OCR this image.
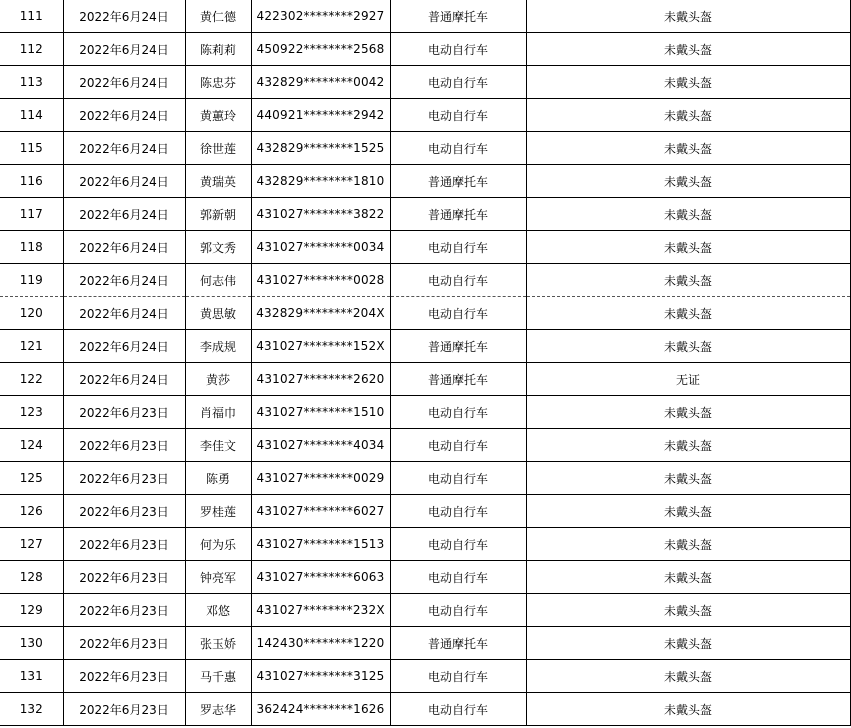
111	2022年6月24日	黄仁德	422302********2927	普通摩托车	未戴头盔
112	2022年6月24日	陈莉莉	450922********2568	电动自行车	未戴头盔
113	2022年6月24日	陈忠芬	432829********0042	电动自行车	未戴头盔
114	2022年6月24日	黄蕙玲	440921********2942	电动自行车	未戴头盔
115	2022年6月24日	徐世莲	432829********1525	电动自行车	未戴头盔
116	2022年6月24日	黄瑞英	432829********1810	普通摩托车	未戴头盔
117	2022年6月24日	郭新朝	431027********3822	普通摩托车	未戴头盔
118	2022年6月24日	郭文秀	431027********0034	电动自行车	未戴头盔
119	2022年6月24日	何志伟	431027********0028	电动自行车	未戴头盔
120	2022年6月24日	黄思敏	432829********204X	电动自行车	未戴头盔
121	2022年6月24日	李成规	431027********152X	普通摩托车	未戴头盔
122	2022年6月24日	黄莎	431027********2620	普通摩托车	无证
123	2022年6月23日	肖福巾	431027********1510	电动自行车	未戴头盔
124	2022年6月23日	李佳文	431027********4034	电动自行车	未戴头盔
125	2022年6月23日	陈勇	431027********0029	电动自行车	未戴头盔
126	2022年6月23日	罗桂莲	431027********6027	电动自行车	未戴头盔
127	2022年6月23日	何为乐	431027********1513	电动自行车	未戴头盔
128	2022年6月23日	钟亮军	431027********6063	电动自行车	未戴头盔
129	2022年6月23日	邓悠	431027********232X	电动自行车	未戴头盔
130	2022年6月23日	张玉娇	142430********1220	普通摩托车	未戴头盔
131	2022年6月23日	马千惠	431027********3125	电动自行车	未戴头盔
132	2022年6月23日	罗志华	362424********1626	电动自行车	未戴头盔
